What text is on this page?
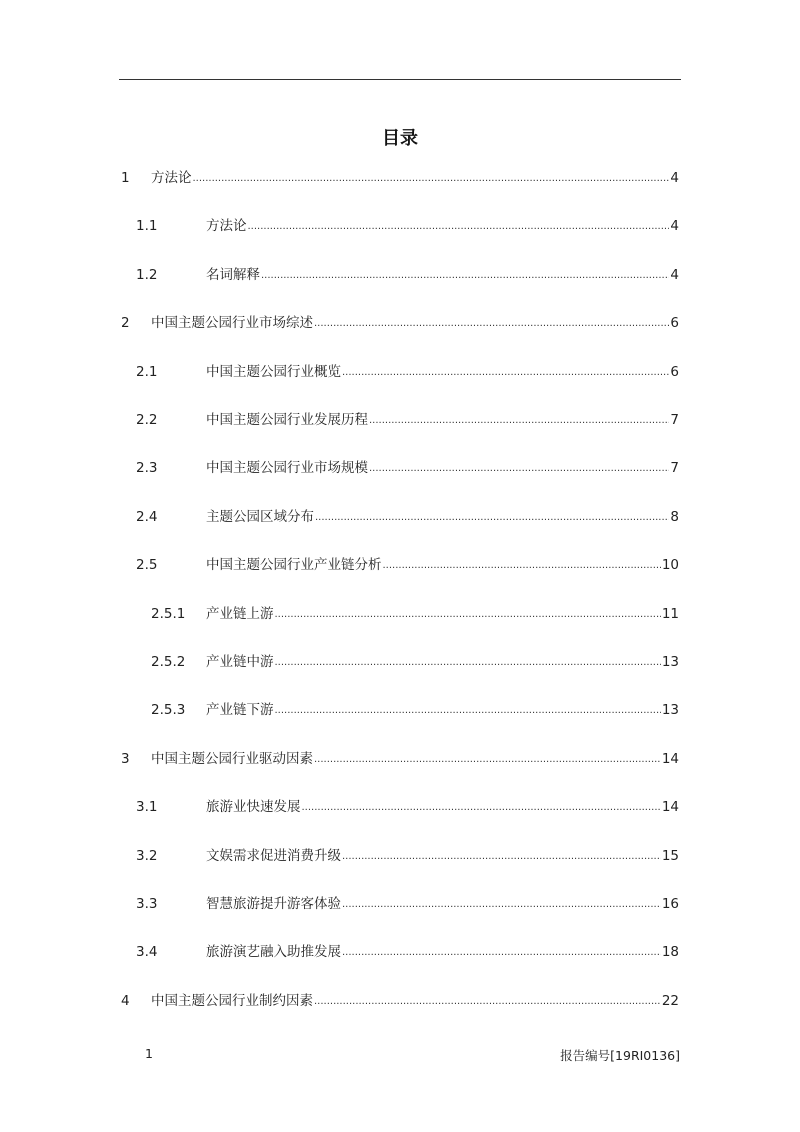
目录
1 方法论 .....	4
1.1	方法论 .....	4
1.2	名词解释 .....	4
2 中国主题公园行业市场综述 .....	6
2.1	中国主题公园行业概览 .....	6
2.2	中国主题公园行业发展历程 .....	7
2.3	中国主题公园行业市场规模 .....	7
2.4	主题公园区域分布 .....	8
2.5	中国主题公园行业产业链分析 .....	10
2.5.1 产业链上游 .....	11
2.5.2 产业链中游 .....	13
2.5.3 产业链下游 .....	13
3 中国主题公园行业驱动因素 .....	14
3.1	旅游业快速发展 .....	14
3.2	文娱需求促进消费升级 .....	15
3.3	智慧旅游提升游客体验 .....	16
3.4	旅游演艺融入助推发展 .....	18
4 中国主题公园行业制约因素 .....	22
1	报告编号[19RI0136]
